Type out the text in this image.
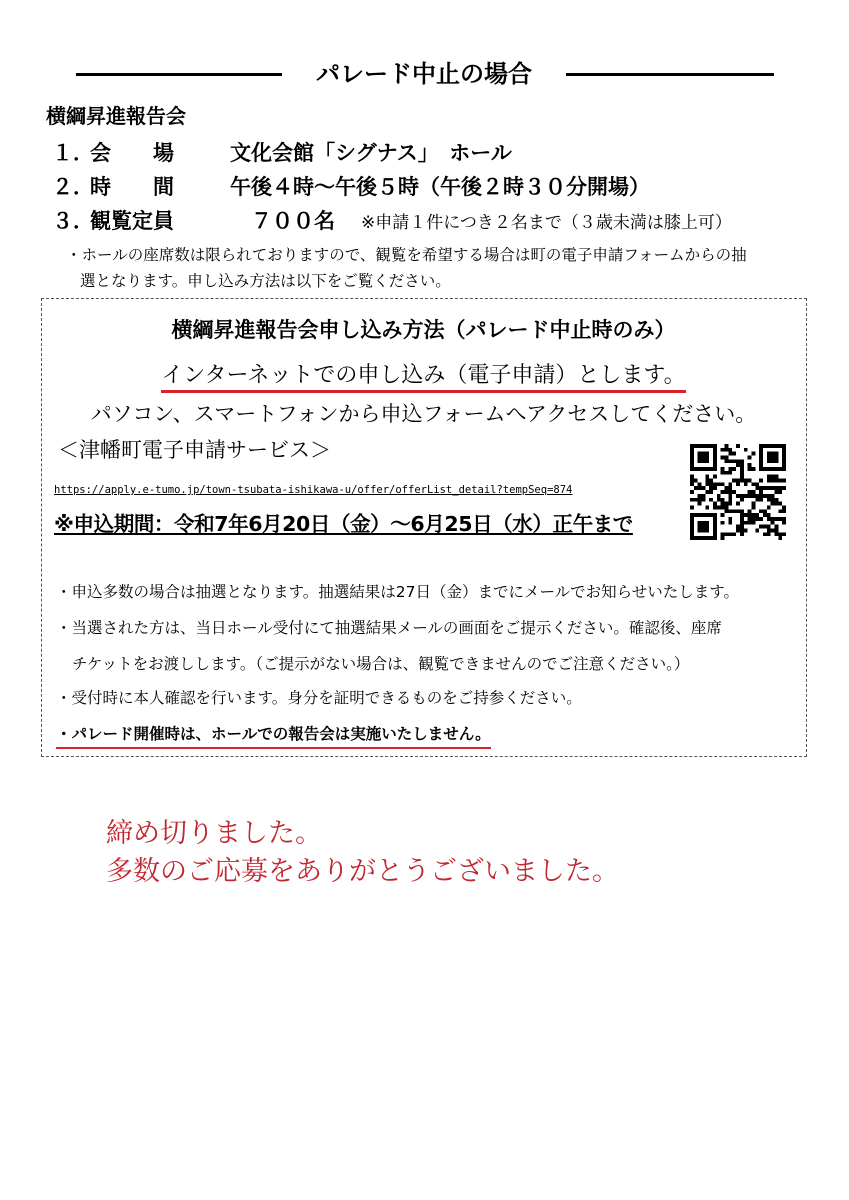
パレード中止の場合
横綱昇進報告会
１．会　　場	文化会館「シグナス」　ホール
２．時　　間	午後４時～午後５時（午後２時３０分開場）
３．観覧定員	　７００名 ※申請１件につき２名まで（３歳未満は膝上可）
・ホールの座席数は限られておりますので、観覧を希望する場合は町の電子申請フォームからの抽
選となります。申し込み方法は以下をご覧ください。
横綱昇進報告会申し込み方法（パレード中止時のみ）
インターネットでの申し込み（電子申請）とします。
パソコン、スマートフォンから申込フォームへアクセスしてください。
＜津幡町電子申請サービス＞
https://apply.e-tumo.jp/town-tsubata-ishikawa-u/offer/offerList_detail?tempSeq=874
※申込期間：令和7年6月20日（金）～6月25日（水）正午まで
・申込多数の場合は抽選となります。抽選結果は27日（金）までにメールでお知らせいたします。
・当選された方は、当日ホール受付にて抽選結果メールの画面をご提示ください。確認後、座席
チケットをお渡しします。（ご提示がない場合は、観覧できませんのでご注意ください。）
・受付時に本人確認を行います。身分を証明できるものをご持参ください。
・パレード開催時は、ホールでの報告会は実施いたしません。
締め切りました。
多数のご応募をありがとうございました。
